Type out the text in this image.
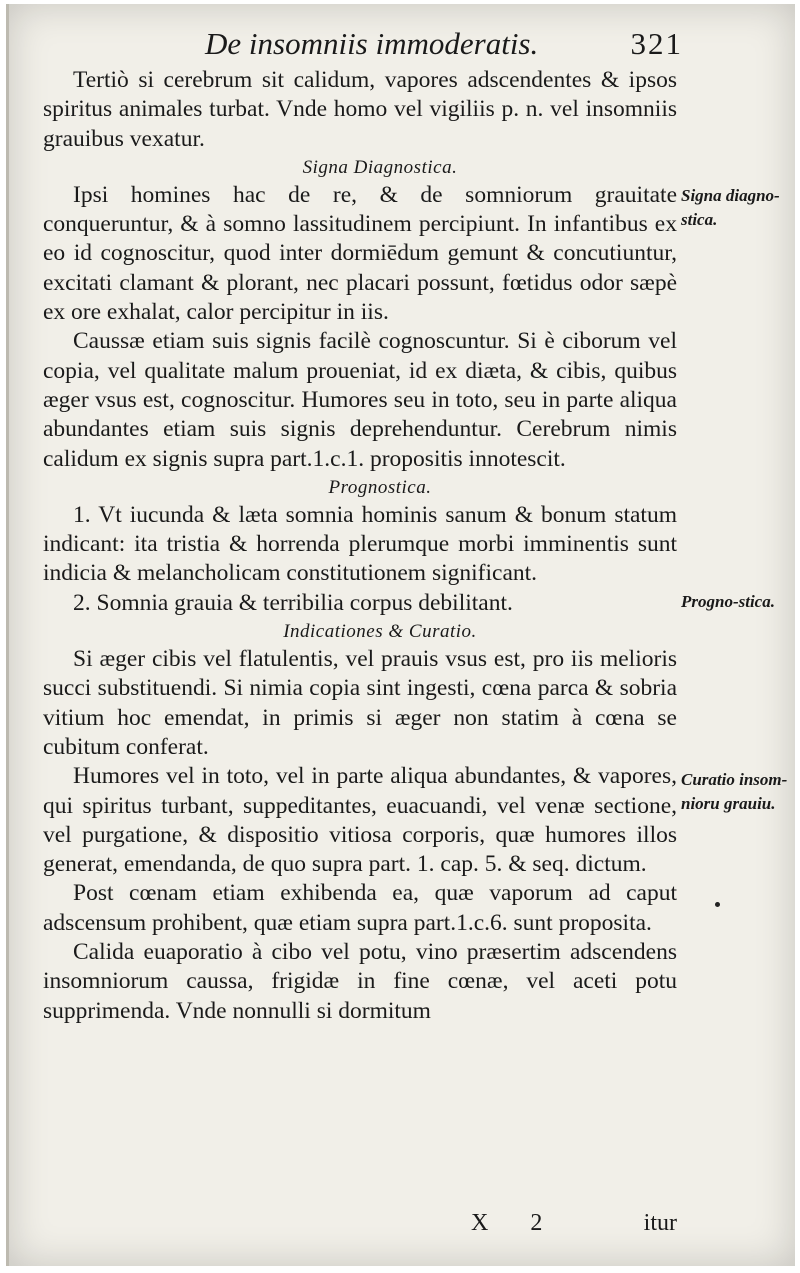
De insomniis immoderatis.	321

Tertiò si cerebrum sit calidum, vapores adscendentes & ipsos spiritus animales turbat. Vnde homo vel vigiliis p. n. vel insomniis grauibus vexatur.

Signa Diagnostica.

Ipsi homines hac de re, & de somniorum grauitate conqueruntur, & à somno lassitudinem percipiunt. In infantibus ex eo id cognoscitur, quod inter dormiēdum gemunt & concutiuntur, excitati clamant & plorant, nec placari possunt, fœtidus odor sæpè ex ore exhalat, calor percipitur in iis.

Caussæ etiam suis signis facilè cognoscuntur. Si è ciborum vel copia, vel qualitate malum proueniat, id ex diæta, & cibis, quibus æger vsus est, cognoscitur. Humores seu in toto, seu in parte aliqua abundantes etiam suis signis deprehenduntur. Cerebrum nimis calidum ex signis supra part.1.c.1. propositis innotescit.

Prognostica.

1. Vt iucunda & læta somnia hominis sanum & bonum statum indicant: ita tristia & horrenda plerumque morbi imminentis sunt indicia & melancholicam constitutionem significant.

2. Somnia grauia & terribilia corpus debilitant.

Indicationes & Curatio.

Si æger cibis vel flatulentis, vel prauis vsus est, pro iis melioris succi substituendi. Si nimia copia sint ingesti, cœna parca & sobria vitium hoc emendat, in primis si æger non statim à cœna se cubitum conferat.

Humores vel in toto, vel in parte aliqua abundantes, & vapores, qui spiritus turbant, suppeditantes, euacuandi, vel venæ sectione, vel purgatione, & dispositio vitiosa corporis, quæ humores illos generat, emendanda, de quo supra part. 1. cap. 5. & seq. dictum.

Post cœnam etiam exhibenda ea, quæ vaporum ad caput adscensum prohibent, quæ etiam supra part.1.c.6. sunt proposita.

Calida euaporatio à cibo vel potu, vino præsertim adscendens insomniorum caussa, frigidæ in fine cœnæ, vel aceti potu supprimenda. Vnde nonnulli si dormitum

Signa diagno-stica.
Progno-stica.
Curatio insom-nioru grauiu.
X 2	itur
